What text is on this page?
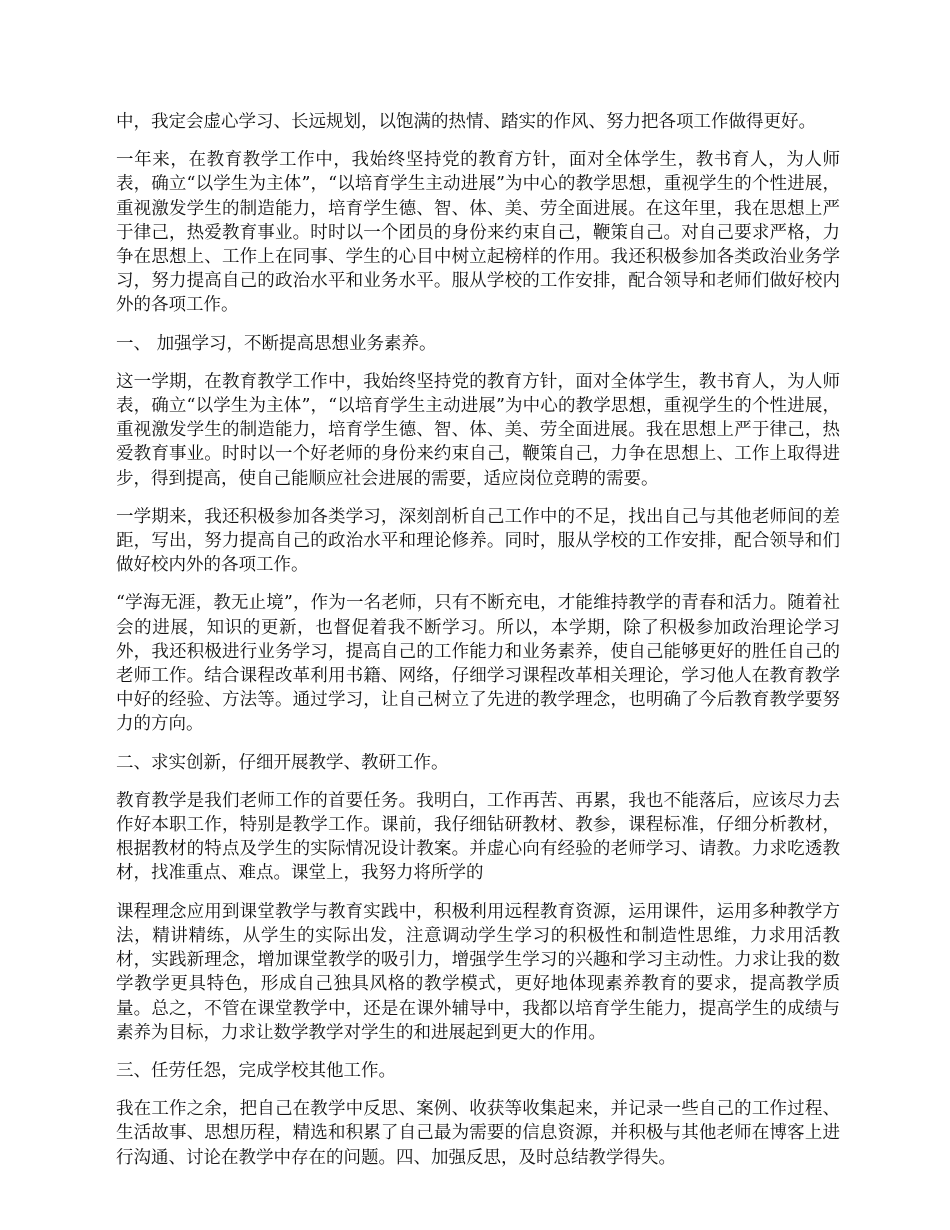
中，我定会虚心学习、长远规划，以饱满的热情、踏实的作风、努力把各项工作做得更好。

一年来，在教育教学工作中，我始终坚持党的教育方针，面对全体学生，教书育人，为人师表，确立“以学生为主体”，“以培育学生主动进展”为中心的教学思想，重视学生的个性进展，重视激发学生的制造能力，培育学生德、智、体、美、劳全面进展。在这年里，我在思想上严于律己，热爱教育事业。时时以一个团员的身份来约束自己，鞭策自己。对自己要求严格，力争在思想上、工作上在同事、学生的心目中树立起榜样的作用。我还积极参加各类政治业务学习，努力提高自己的政治水平和业务水平。服从学校的工作安排，配合领导和老师们做好校内外的各项工作。

一、 加强学习，不断提高思想业务素养。

这一学期，在教育教学工作中，我始终坚持党的教育方针，面对全体学生，教书育人，为人师表，确立“以学生为主体”，“以培育学生主动进展”为中心的教学思想，重视学生的个性进展，重视激发学生的制造能力，培育学生德、智、体、美、劳全面进展。我在思想上严于律己，热爱教育事业。时时以一个好老师的身份来约束自己，鞭策自己，力争在思想上、工作上取得进步，得到提高，使自己能顺应社会进展的需要，适应岗位竞聘的需要。

一学期来，我还积极参加各类学习，深刻剖析自己工作中的不足，找出自己与其他老师间的差距，写出，努力提高自己的政治水平和理论修养。同时，服从学校的工作安排，配合领导和们做好校内外的各项工作。

“学海无涯，教无止境”，作为一名老师，只有不断充电，才能维持教学的青春和活力。随着社会的进展，知识的更新，也督促着我不断学习。所以，本学期，除了积极参加政治理论学习外，我还积极进行业务学习，提高自己的工作能力和业务素养，使自己能够更好的胜任自己的老师工作。结合课程改革利用书籍、网络，仔细学习课程改革相关理论，学习他人在教育教学中好的经验、方法等。通过学习，让自己树立了先进的教学理念，也明确了今后教育教学要努力的方向。

二、求实创新，仔细开展教学、教研工作。

教育教学是我们老师工作的首要任务。我明白，工作再苦、再累，我也不能落后，应该尽力去作好本职工作，特别是教学工作。课前，我仔细钻研教材、教参，课程标准，仔细分析教材，根据教材的特点及学生的实际情况设计教案。并虚心向有经验的老师学习、请教。力求吃透教材，找准重点、难点。课堂上，我努力将所学的

课程理念应用到课堂教学与教育实践中，积极利用远程教育资源，运用课件，运用多种教学方法，精讲精练，从学生的实际出发，注意调动学生学习的积极性和制造性思维，力求用活教材，实践新理念，增加课堂教学的吸引力，增强学生学习的兴趣和学习主动性。力求让我的数学教学更具特色，形成自己独具风格的教学模式，更好地体现素养教育的要求，提高教学质量。总之，不管在课堂教学中，还是在课外辅导中，我都以培育学生能力，提高学生的成绩与素养为目标，力求让数学教学对学生的和进展起到更大的作用。

三、任劳任怨，完成学校其他工作。

我在工作之余，把自己在教学中反思、案例、收获等收集起来，并记录一些自己的工作过程、生活故事、思想历程，精选和积累了自己最为需要的信息资源，并积极与其他老师在博客上进行沟通、讨论在教学中存在的问题。四、加强反思，及时总结教学得失。
